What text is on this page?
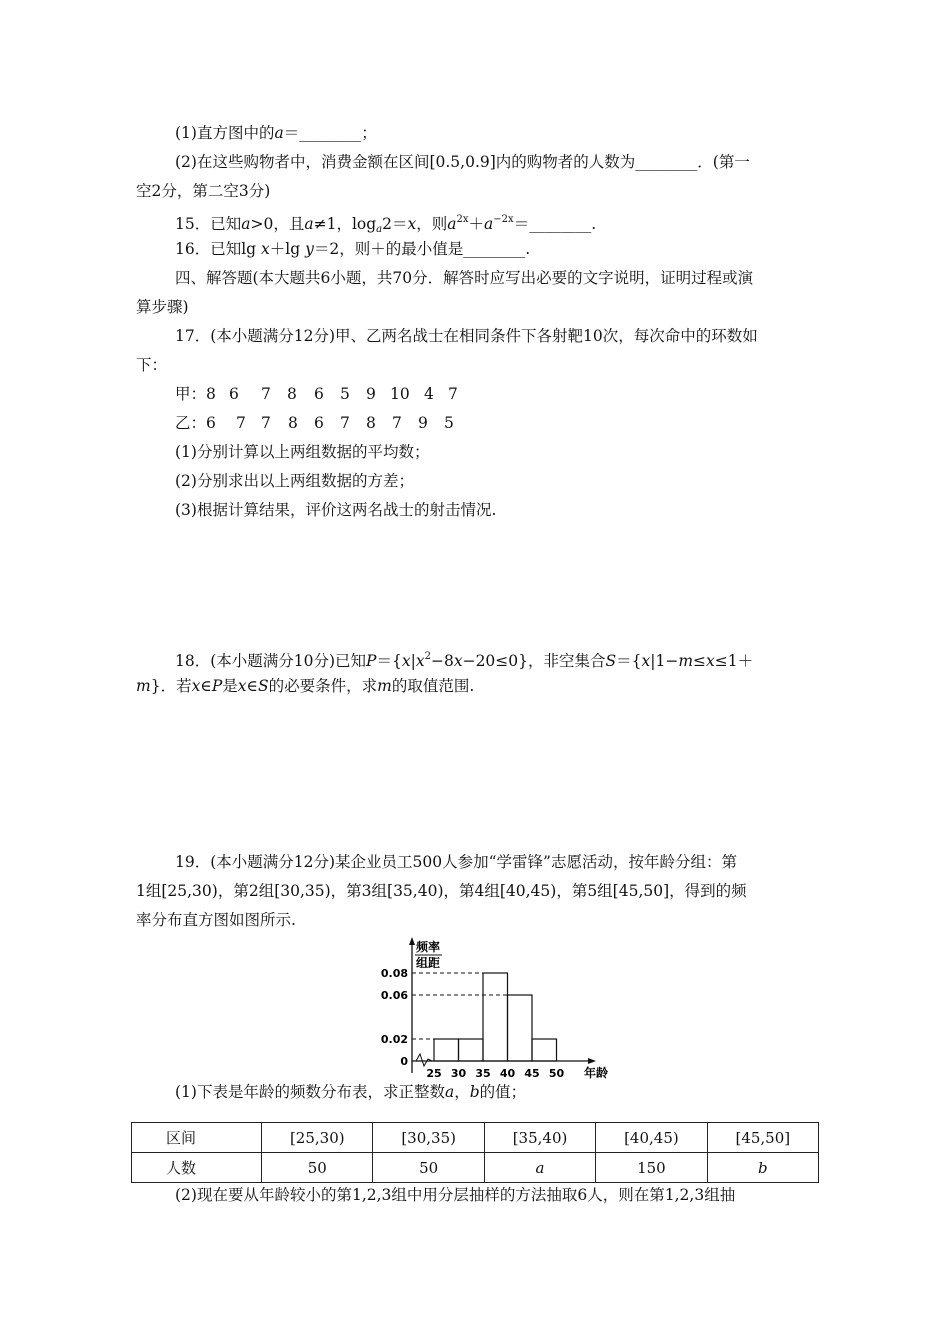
(1)直方图中的a＝________；
(2)在这些购物者中，消费金额在区间[0.5,0.9]内的购物者的人数为________．(第一
空2分，第二空3分)
15．已知a>0，且a≠1，$\log_a2=x$，则$a^{2x}+a^{-2x}=\_\_\_\_\_\_\_\_$.
16．已知lg x＋lg y＝2，则＋的最小值是________.
四、解答题(本大题共6小题，共70分．解答时应写出必要的文字说明，证明过程或演
算步骤)
17．(本小题满分12分)甲、乙两名战士在相同条件下各射靶10次，每次命中的环数如
下：
甲： 8 6 7 8 6 5 9 10 4 7
乙： 6 7 7 8 6 7 8 7 9 5
(1)分别计算以上两组数据的平均数；
(2)分别求出以上两组数据的方差；
(3)根据计算结果，评价这两名战士的射击情况.
18．(本小题满分10分)已知$P=\{x|x^2-8x-20\le 0\}$，非空集合S＝{x|1−m≤x≤1＋
m}．若x∈P是x∈S的必要条件，求m的取值范围.
19．(本小题满分12分)某企业员工500人参加“学雷锋”志愿活动，按年龄分组：第
1组[25,30)，第2组[30,35)，第3组[35,40)，第4组[40,45)，第5组[45,50]，得到的频
率分布直方图如图所示.
频率
组距
年龄
0
0.02
0.06
0.08
25 30 35 40 45 50
(1)下表是年龄的频数分布表，求正整数a，b的值；
区间	[25,30)	[30,35)	[35,40)	[40,45)	[45,50]
人数	50	50	a	150	b
(2)现在要从年龄较小的第1,2,3组中用分层抽样的方法抽取6人，则在第1,2,3组抽
